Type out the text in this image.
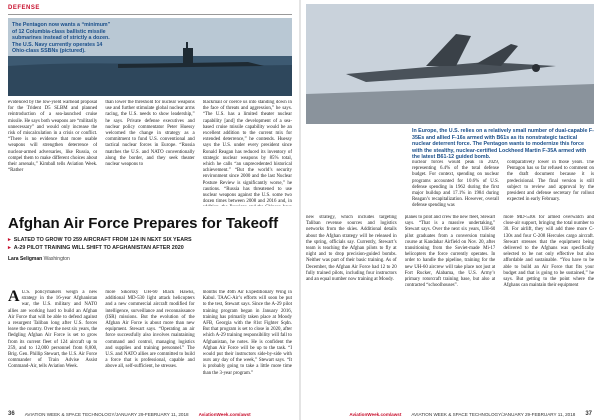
DEFENSE
The Pentagon now wants a “minimum” of 12 Columbia-class ballistic missile submarines instead of strictly a dozen. The U.S. Navy currently operates 14 Ohio-class SSBNs (pictured).

evidenced by the low-yield warhead proposal for the Trident D5 SLBM and planned reintroduction of a sea-launched cruise missile. He says both weapons are “militarily unnecessary” and would only increase the risk of miscalculation in a crisis or conflict. “There is no evidence that more usable weapons will strengthen deterrence of nuclear-armed adversaries, like Russia, or compel them to make different choices about their arsenals,” Kimball tells Aviation Week. “Rather

than lower the threshold for nuclear weapons use and further stimulate global nuclear arms racing, the U.S. needs to show leadership,” he says. Private defense executives and nuclear policy commentator Peter Huessy welcomed the change in strategy as a commitment to fund U.S. conventional and tactical nuclear forces in Europe. “Russia matches the U.S. and NATO conventionally along the border, and they seek theater nuclear weapons to

blackmail or coerce us into standing down in the face of threats and aggression,” he says. “The U.S. has a limited theater nuclear capability [and] the development of a sea-based cruise missile capability would be an excellent addition to the current mix for extended deterrence,” he contends. Huessy says the U.S. under every president since Ronald Reagan has reduced its inventory of strategic nuclear weapons by 85% total, which he calls “an unprecedented historical achievement.” “But the world’s security environment since 2000 and the last Nuclear Posture Review is significantly worse,” he cautions. “Russia has threatened to use nuclear weapons against the U.S. some two dozen times between 2008 and 2016 and, in

Afghan Air Force Prepares for Takeoff
▸ SLATED TO GROW TO 259 AIRCRAFT FROM 124 IN NEXT SIX YEARS
▸ A-29 PILOT TRAINING WILL SHIFT TO AFGHANISTAN AFTER 2020
Lara Seligman Washington

A U.S. policymakers weigh a new strategy in the 16-year Afghanistan war, the U.S. military and NATO allies are working hard to build an Afghan Air Force that will be able to defend against a resurgent Taliban long after U.S. forces leave the country. Over the next six years, the fledgling Afghan Air Force is set to grow from its current fleet of 124 aircraft up to 259, and to 12,000 personnel from 8,000, Brig. Gen. Phillip Stewart, the U.S. Air Force commander of Train Advise Assist Command-Air, tells Aviation Week.

more Sikorsky UH-60 Black Hawks, additional MD-530 light attack helicopters and a new commercial aircraft modified for intelligence, surveillance and reconnaissance (ISR) missions. But the evolution of the Afghan Air Force is about more than new equipment. Stewart says. “Operating an air force successfully also involves maintaining command and control, managing logistics and supplies and training personnel.” The U.S. and NATO allies are committed to build a force that is professional, capable and above all, self-sufficient, he stresses.

months the 46th Air Expeditionary Wing in Kabul. TAAC-Air’s efforts will soon be put to the test, Stewart says. Since the A-29 pilot training program began in January 2016, training has primarily taken place at Moody AFB, Georgia with the 81st Fighter Sqdn. But that program is set to close in 2020, after which A-29 training responsibility will fall to Afghanistan, he notes. He is confident the Afghan Air Force will be up to the task. “I would put their instructors side-by-side with ours any day of the week,” Stewart says. “It is probably going to take a little more time than the 3-year program.”

36 AVIATION WEEK & SPACE TECHNOLOGY/JANUARY 29-FEBRUARY 11, 2018 AviationWeek.com/awst
In Europe, the U.S. relies on a relatively small number of dual-capable F-35Es and allied F-16s armed with B61s as its nonstrategic tactical nuclear deterrent force. The Pentagon wants to modernize this force with the stealthy, nuclear-certified Lockheed Martin F-35A armed with the latest B61-12 guided bomb.

nuclear forces would peak in 2029, representing 6.4% of the total defense budget. For context, spending on nuclear programs accounted for 10.6% of U.S. defense spending in 1962 during the first major buildup and 17.1% in 1984 during Reagan’s recapitalization. However, overall defense spending was

comparatively lower in those years. The Pentagon has so far refused to comment on the draft document because it is predecisional. The final version is still subject to review and approval by the president and defense secretary for rollout expected in early February.

new strategy, which includes targeting Taliban revenue sources and logistics networks from the skies. Additional details about the Afghan strategy will be released in the spring, officials say. Currently, Stewart’s team is teaching the Afghan pilots to fly at night and to drop precision-guided bombs. Neither was part of their basic training. As of December, the Afghan Air Force had 12 to 20 fully trained pilots, including four instructors and an equal number now training at Moody.

planes to pilot and crew the new fleet, Stewart says. “That is a massive undertaking,” Stewart says. Over the next six years, UH-60 pilot graduates from a conversion training course at Kandahar Airfield on Nov. 20, after transitioning from the Soviet-made Mi-17 helicopters the force currently operates. In order to handle the pipeline, training for the new UH-60 aircrew will take place not just at Fort Rucker, Alabama, the U.S. Army’s primary rotorcraft training base, but also at contracted “schoolhouses”.

more MD-530s for armed overwatch and close-air support, bringing the total number to 30. For airlift, they will add three more C-130s and four C-208 Hercules cargo aircraft. Stewart stresses that the equipment being delivered to the Afghans was specifically selected to be not only effective but also affordable and sustainable. “You have to be able to build an Air Force that fits your budget and that is going to be sustained,” he says. But getting to the point where the Afghans can maintain their equipment

AviationWeek.com/awst AVIATION WEEK & SPACE TECHNOLOGY/JANUARY 29-FEBRUARY 11, 2018 37
